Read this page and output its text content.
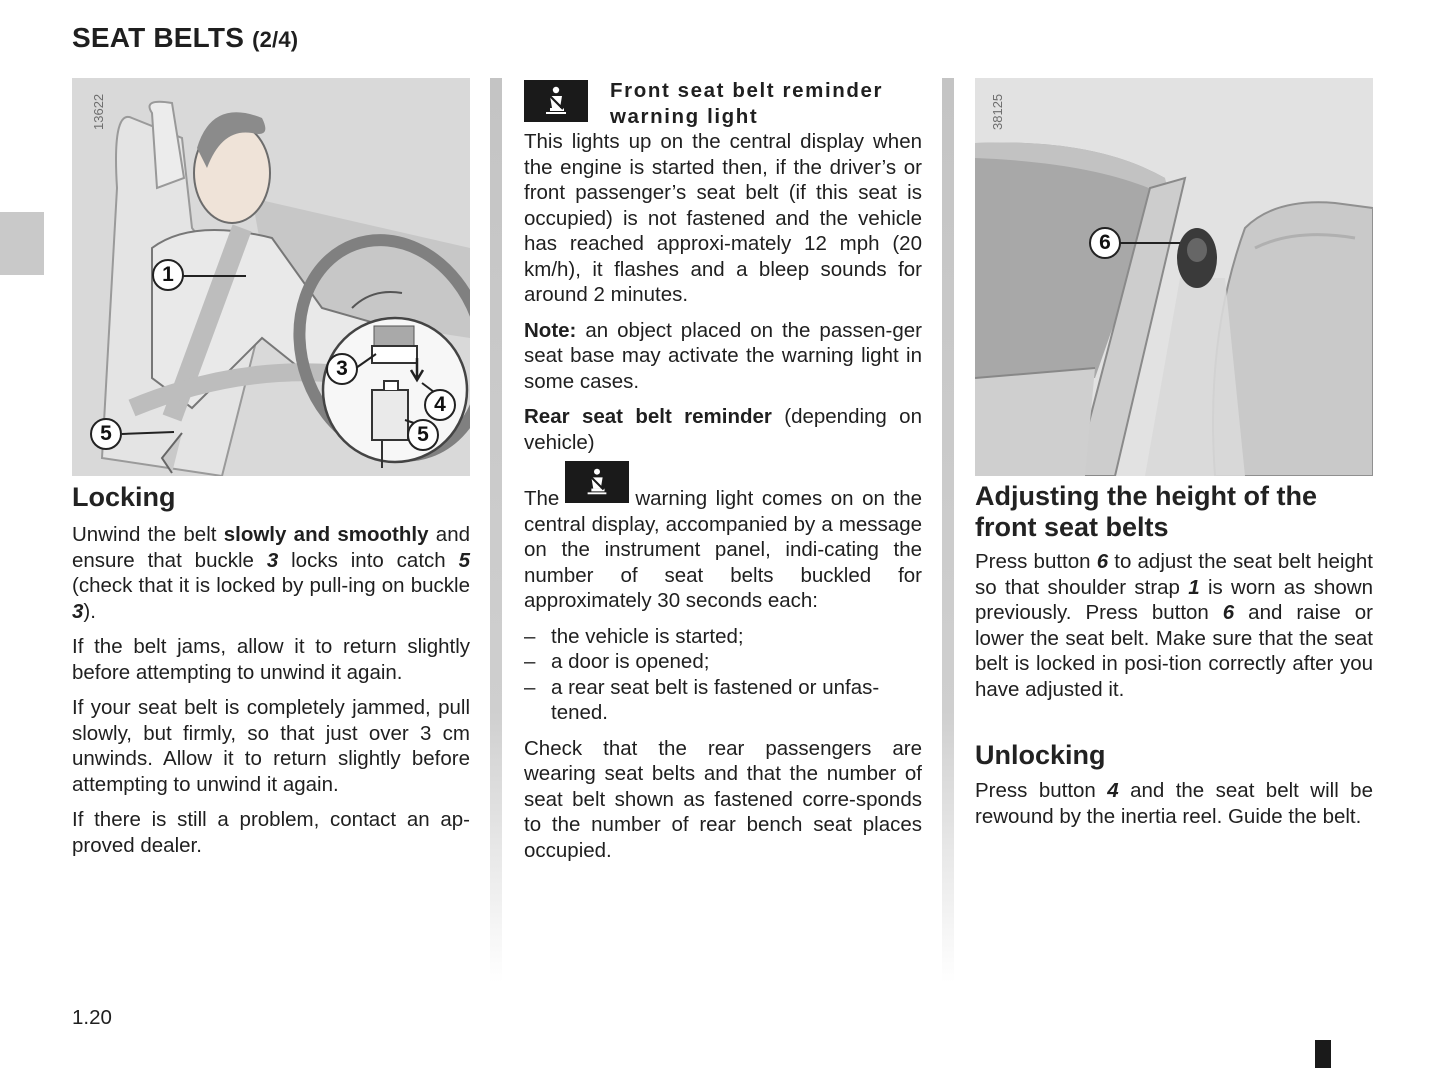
SEAT BELTS (2/4)
13622
1
3
4
5
5
Locking

Unwind the belt slowly and smoothly and ensure that buckle 3 locks into catch 5 (check that it is locked by pull-ing on buckle 3).

If the belt jams, allow it to return slightly before attempting to unwind it again.

If your seat belt is completely jammed, pull slowly, but firmly, so that just over 3 cm unwinds. Allow it to return slightly before attempting to unwind it again.

If there is still a problem, contact an ap-proved dealer.

Front seat belt reminder warning light

This lights up on the central display when the engine is started then, if the driver’s or front passenger’s seat belt (if this seat is occupied) is not fastened and the vehicle has reached approxi-mately 12 mph (20 km/h), it flashes and a bleep sounds for around 2 minutes.

Note: an object placed on the passen-ger seat base may activate the warning light in some cases.

Rear seat belt reminder (depending on vehicle)

The	warning light comes on on the central display, accompanied by a message on the instrument panel, indi-cating the number of seat belts buckled for approximately 30 seconds each:

– the vehicle is started;
– a door is opened;
– a rear seat belt is fastened or unfas-tened.

Check that the rear passengers are wearing seat belts and that the number of seat belt shown as fastened corre-sponds to the number of rear bench seat places occupied.

38125
6
Adjusting the height of the front seat belts

Press button 6 to adjust the seat belt height so that shoulder strap 1 is worn as shown previously. Press button 6 and raise or lower the seat belt. Make sure that the seat belt is locked in posi-tion correctly after you have adjusted it.

Unlocking

Press button 4 and the seat belt will be rewound by the inertia reel. Guide the belt.

1.20
